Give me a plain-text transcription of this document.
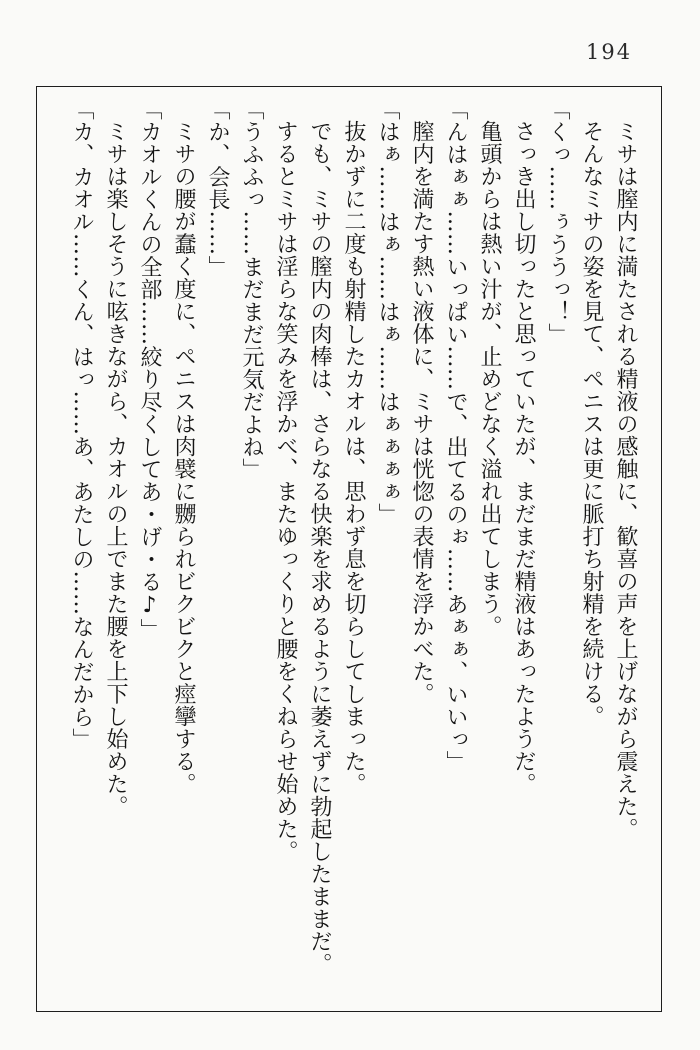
194

ミサは膣内に満たされる精液の感触に、歓喜の声を上げながら震えた。

そんなミサの姿を見て、ペニスは更に脈打ち射精を続ける。

「くっ……ぅううっ！」

さっき出し切ったと思っていたが、まだまだ精液はあったようだ。

亀頭からは熱い汁が、止めどなく溢れ出てしまう。

「んはぁぁ……いっぱい……で、出てるのぉ……あぁぁ、いいっ」

膣内を満たす熱い液体に、ミサは恍惚の表情を浮かべた。

「はぁ……はぁ……はぁ……はぁぁぁぁ」

抜かずに二度も射精したカオルは、思わず息を切らしてしまった。

でも、ミサの膣内の肉棒は、さらなる快楽を求めるように萎えずに勃起したままだ。

するとミサは淫らな笑みを浮かべ、またゆっくりと腰をくねらせ始めた。

「うふふっ……まだまだ元気だよね」

「か、会長……」

ミサの腰が蠢く度に、ペニスは肉襞に嬲られビクビクと痙攣する。

「カオルくんの全部……絞り尽くしてあ・げ・る♪」

ミサは楽しそうに呟きながら、カオルの上でまた腰を上下し始めた。

「カ、カオル……くん、はっ……あ、あたしの……なんだから」
